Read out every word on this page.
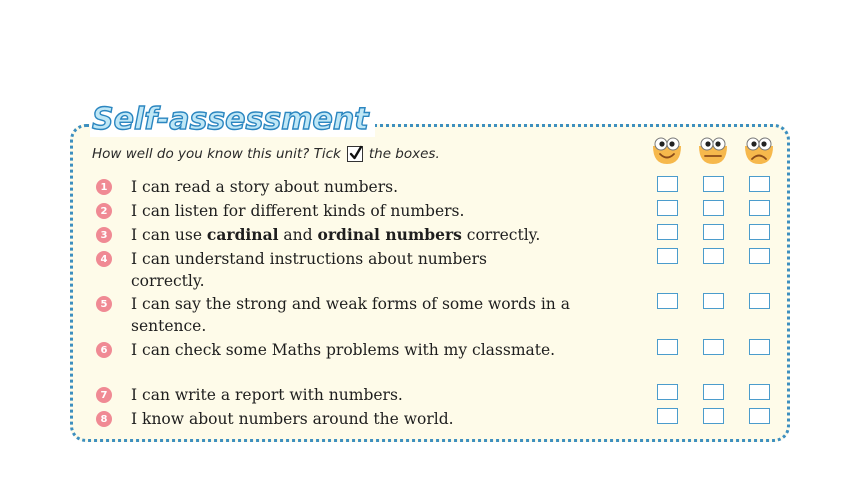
Self-assessment
How well do you know this unit? Tick the boxes.
1 I can read a story about numbers.
2 I can listen for different kinds of numbers.
3 I can use cardinal and ordinal numbers correctly.
4 I can understand instructions about numbers correctly.
5 I can say the strong and weak forms of some words in a sentence.
6 I can check some Maths problems with my classmate.
7 I can write a report with numbers.
8 I know about numbers around the world.
